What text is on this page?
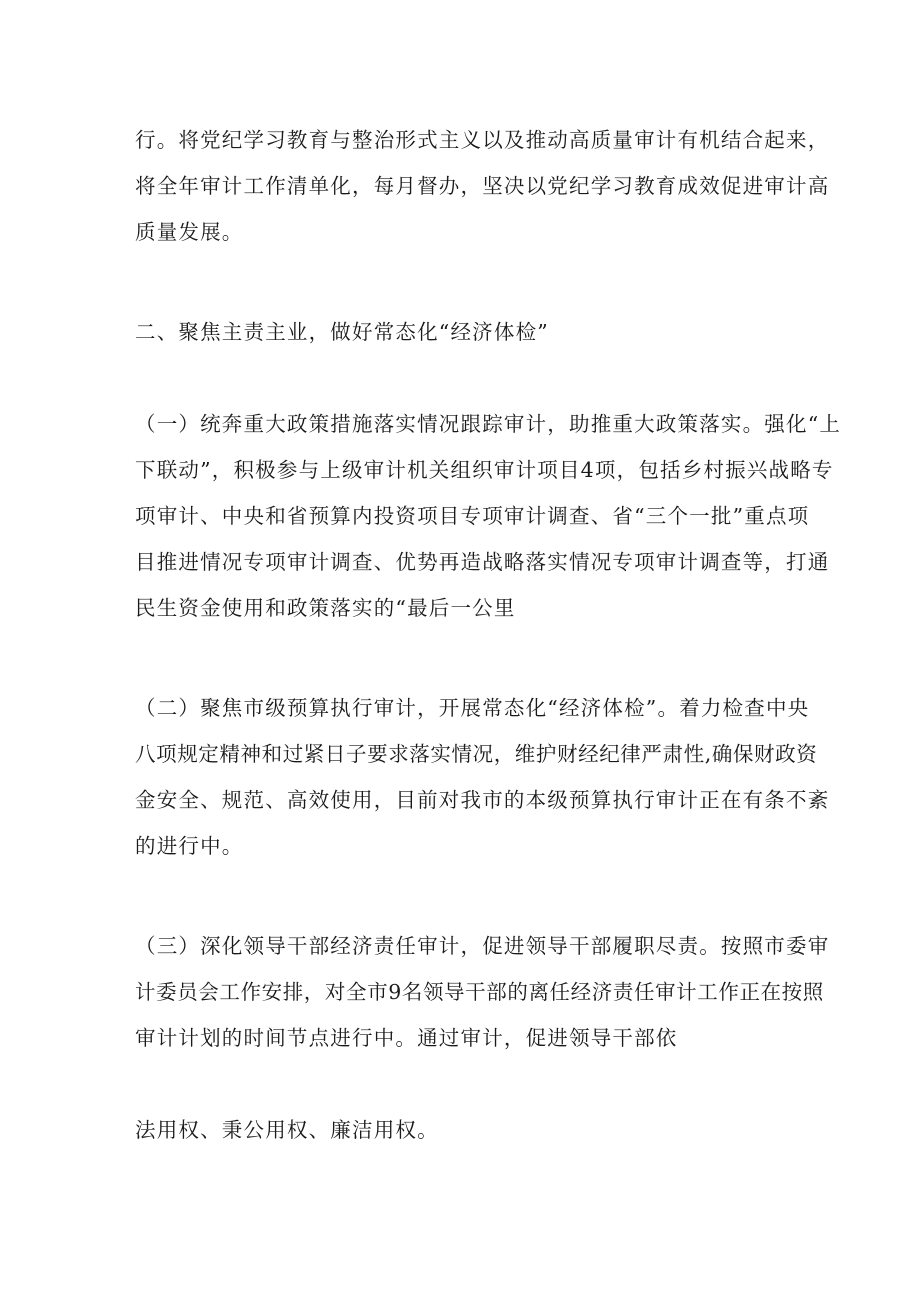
行。将党纪学习教育与整治形式主义以及推动高质量审计有机结合起来，
将全年审计工作清单化，每月督办，坚决以党纪学习教育成效促进审计高
质量发展。
二、聚焦主责主业，做好常态化“经济体检”
（一）统奔重大政策措施落实情况跟踪审计，助推重大政策落实。强化“上
下联动”，积极参与上级审计机关组织审计项目4项，包括乡村振兴战略专
项审计、中央和省预算内投资项目专项审计调查、省“三个一批”重点项
目推进情况专项审计调查、优势再造战略落实情况专项审计调查等，打通
民生资金使用和政策落实的“最后一公里
（二）聚焦市级预算执行审计，开展常态化“经济体检”。着力检查中央
八项规定精神和过紧日子要求落实情况，维护财经纪律严肃性,确保财政资
金安全、规范、高效使用，目前对我市的本级预算执行审计正在有条不紊
的进行中。
（三）深化领导干部经济责任审计，促进领导干部履职尽责。按照市委审
计委员会工作安排，对全市9名领导干部的离任经济责任审计工作正在按照
审计计划的时间节点进行中。通过审计，促进领导干部依
法用权、秉公用权、廉洁用权。
